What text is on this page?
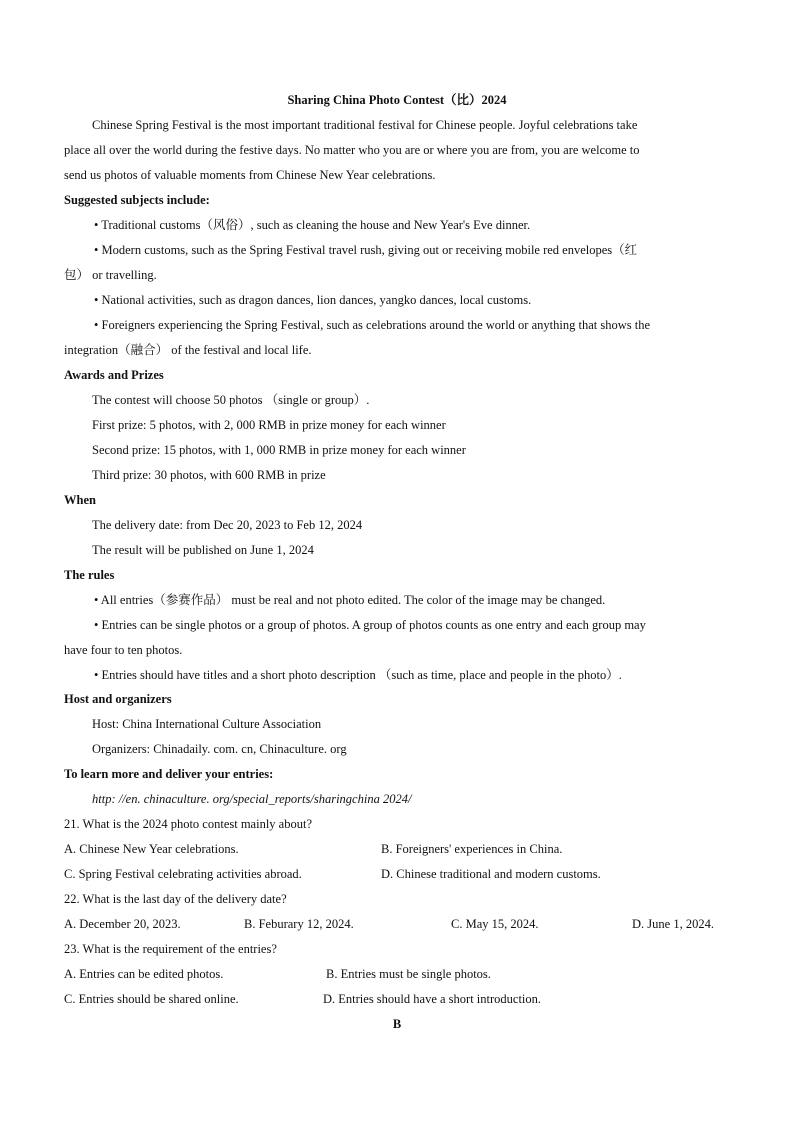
Sharing China Photo Contest（比）2024
Chinese Spring Festival is the most important traditional festival for Chinese people. Joyful celebrations take
place all over the world during the festive days. No matter who you are or where you are from, you are welcome to
send us photos of valuable moments from Chinese New Year celebrations.
Suggested subjects include:
• Traditional customs（风俗）, such as cleaning the house and New Year's Eve dinner.
• Modern customs, such as the Spring Festival travel rush, giving out or receiving mobile red envelopes（红
包） or travelling.
• National activities, such as dragon dances, lion dances, yangko dances, local customs.
• Foreigners experiencing the Spring Festival, such as celebrations around the world or anything that shows the
integration（融合） of the festival and local life.
Awards and Prizes
The contest will choose 50 photos （single or group）.
First prize: 5 photos, with 2, 000 RMB in prize money for each winner
Second prize: 15 photos, with 1, 000 RMB in prize money for each winner
Third prize: 30 photos, with 600 RMB in prize
When
The delivery date: from Dec 20, 2023 to Feb 12, 2024
The result will be published on June 1, 2024
The rules
• All entries（参赛作品） must be real and not photo edited. The color of the image may be changed.
• Entries can be single photos or a group of photos. A group of photos counts as one entry and each group may
have four to ten photos.
• Entries should have titles and a short photo description （such as time, place and people in the photo）.
Host and organizers
Host: China International Culture Association
Organizers: Chinadaily. com. cn, Chinaculture. org
To learn more and deliver your entries:
http: //en. chinaculture. org/special_reports/sharingchina 2024/
21. What is the 2024 photo contest mainly about?
A. Chinese New Year celebrations.	B. Foreigners' experiences in China.
C. Spring Festival celebrating activities abroad.	D. Chinese traditional and modern customs.
22. What is the last day of the delivery date?
A. December 20, 2023.	B. Feburary 12, 2024.	C. May 15, 2024.	D. June 1, 2024.
23. What is the requirement of the entries?
A. Entries can be edited photos.	B. Entries must be single photos.
C. Entries should be shared online.	D. Entries should have a short introduction.
B
